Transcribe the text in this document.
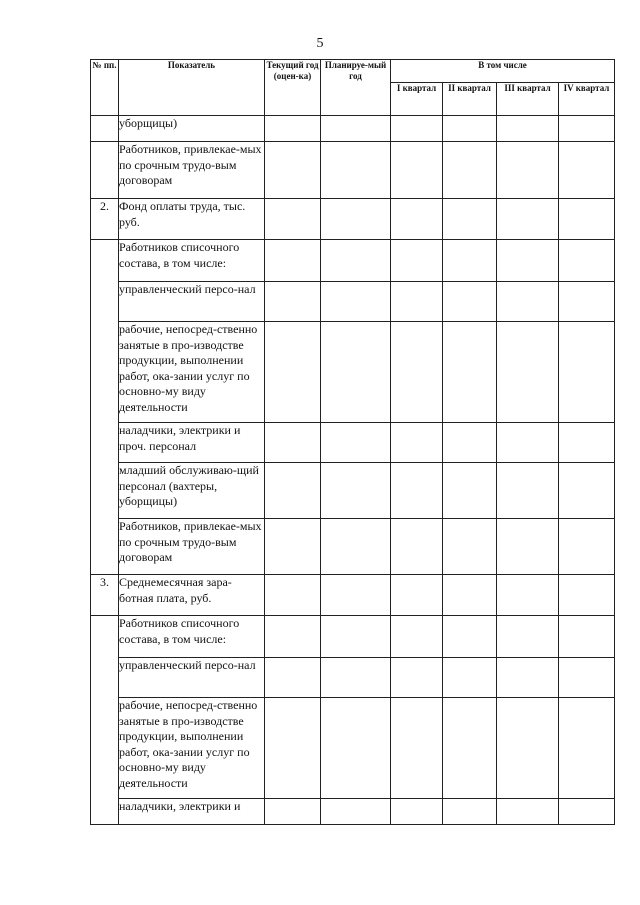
5
№ пп.	Показатель	Текущий год (оцен-ка)	Планируе-мый год	В том числе			
				I квартал	II квартал	III квартал	IV квартал
	уборщицы)						
	Работников, привлекае-мых по срочным трудо-вым договорам						
2.	Фонд оплаты труда, тыс. руб.						
	Работников списочного состава, в том числе:						
	управленческий персо-нал						
	рабочие, непосред-ственно занятые в про-изводстве продукции, выполнении работ, ока-зании услуг по основно-му виду деятельности						
	наладчики, электрики и проч. персонал						
	младший обслуживаю-щий персонал (вахтеры, уборщицы)						
	Работников, привлекае-мых по срочным трудо-вым договорам						
3.	Среднемесячная зара-ботная плата, руб.						
	Работников списочного состава, в том числе:						
	управленческий персо-нал						
	рабочие, непосред-ственно занятые в про-изводстве продукции, выполнении работ, ока-зании услуг по основно-му виду деятельности						
	наладчики, электрики и						
